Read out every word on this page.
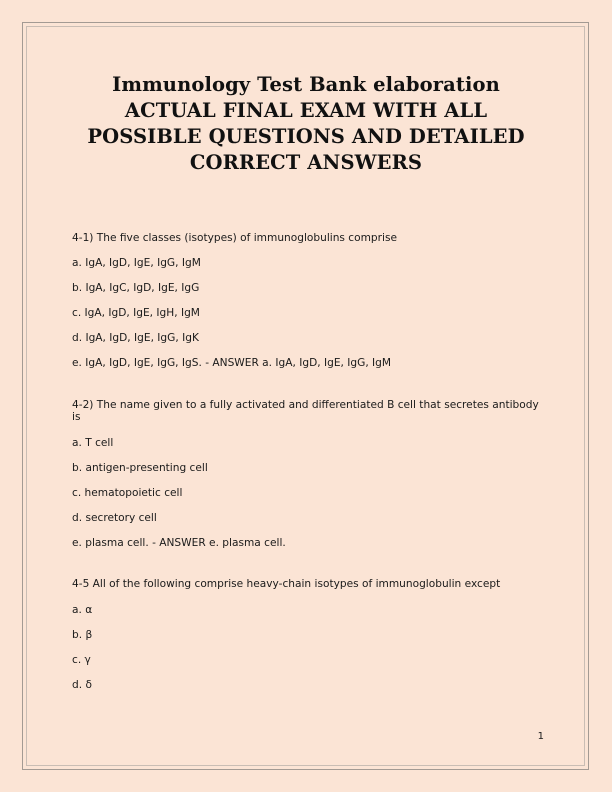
Immunology Test Bank elaboration ACTUAL FINAL EXAM WITH ALL POSSIBLE QUESTIONS AND DETAILED CORRECT ANSWERS

4-1) The five classes (isotypes) of immunoglobulins comprise

a. IgA, IgD, IgE, IgG, IgM

b. IgA, IgC, IgD, IgE, IgG

c. IgA, IgD, IgE, IgH, IgM

d. IgA, IgD, IgE, IgG, IgK

e. IgA, IgD, IgE, IgG, IgS. - ANSWER a. IgA, IgD, IgE, IgG, IgM

4-2) The name given to a fully activated and differentiated B cell that secretes antibody is

a. T cell

b. antigen-presenting cell

c. hematopoietic cell

d. secretory cell

e. plasma cell. - ANSWER e. plasma cell.

4-5 All of the following comprise heavy-chain isotypes of immunoglobulin except

a. α

b. β

c. γ

d. δ

1
